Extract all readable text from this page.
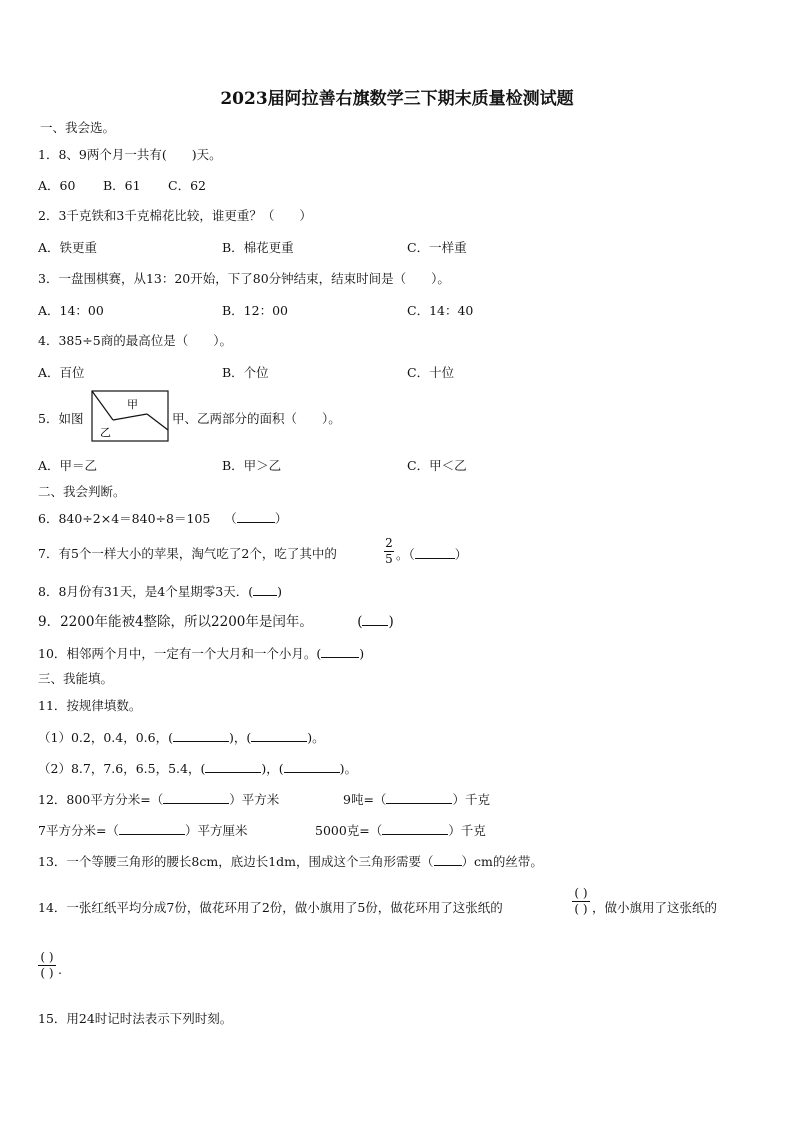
2023届阿拉善右旗数学三下期末质量检测试题
一、我会选。
1．8、9两个月一共有(　　)天。
A．60 B．61 C．62
2．3千克铁和3千克棉花比较，谁更重？（　　）
A．铁更重	B．棉花更重	C．一样重
3．一盘围棋赛，从13：20开始，下了80分钟结束，结束时间是（　　）。
A．14：00	B．12：00	C．14：40
4．385÷5商的最高位是（　　）。
A．百位	B．个位	C．十位
5．如图
甲
乙
甲、乙两部分的面积（　　）。
A．甲＝乙	B．甲＞乙	C．甲＜乙
二、我会判断。
6．840÷2×4＝840÷8＝105 （	）
7．有5个一样大小的苹果，淘气吃了2个，吃了其中的
2
5 。（	）
8．8月份有31天，是4个星期零3天．( )
9．2200年能被4整除，所以2200年是闰年。	( )
10．相邻两个月中，一定有一个大月和一个小月。(	)
三、我能填。
11．按规律填数。
（1）0.2，0.4，0.6，(	)，(	)。
（2）8.7，7.6，6.5，5.4，(	)，(	)。
12．800平方分米=（	）平方米	9吨=（	）千克
7平方分米=（	）平方厘米	5000克=（	）千克
13．一个等腰三角形的腰长8cm，底边长1dm，围成这个三角形需要（ ）cm的丝带。
14．一张红纸平均分成7份，做花环用了2份，做小旗用了5份，做花环用了这张纸的
( )
( ) ，做小旗用了这张纸的
( )
( ) .
15．用24时记时法表示下列时刻。
